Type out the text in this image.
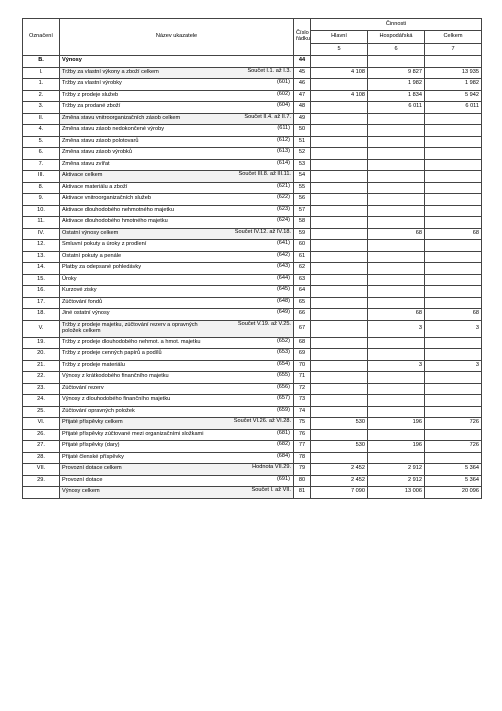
Označení	Název ukazatele	Číslo řádku	Činnosti		
			Hlavní	Hospodářská	Celkem
			5	6	7
B.	Výnosy	44			
I.	Tržby za vlastní výkony a zboží celkem Součet I.1. až I.3.	45	4 108	9 827	13 935
1.	Tržby za vlastní výrobky (601)	46		1 982	1 982
2.	Tržby z prodeje služeb (602)	47	4 108	1 834	5 942
3.	Tržby za prodané zboží (604)	48		6 011	6 011
II.	Změna stavu vnitroorganizačních zásob celkem Součet II.4. až II.7.	49			
4.	Změna stavu zásob nedokončené výroby (611)	50			
5.	Změna stavu zásob polotovarů (612)	51			
6.	Změna stavu zásob výrobků (613)	52			
7.	Změna stavu zvířat (614)	53			
III.	Aktivace celkem Součet III.8. až III.11.	54			
8.	Aktivace materiálu a zboží (621)	55			
9.	Aktivace vnitroorganizačních služeb (622)	56			
10.	Aktivace dlouhodobého nehmotného majetku (623)	57			
11.	Aktivace dlouhodobého hmotného majetku (624)	58			
IV.	Ostatní výnosy celkem Součet IV.12. až IV.18.	59		68	68
12.	Smluvní pokuty a úroky z prodlení (641)	60			
13.	Ostatní pokuty a penále (642)	61			
14.	Platby za odepsané pohledávky (643)	62			
15.	Úroky (644)	63			
16.	Kurzové zisky (645)	64			
17.	Zúčtování fondů (648)	65			
18.	Jiné ostatní výnosy (649)	66		68	68
V.	Tržby z prodeje majetku, zúčtování rezerv a opravných položek celkem
Součet V.19. až V.25.	67		3	3
19.	Tržby z prodeje dlouhodobého nehmot. a hmot. majetku (652)	68			
20.	Tržby z prodeje cenných papírů a podílů (653)	69			
21.	Tržby z prodeje materiálu (654)	70		3	3
22.	Výnosy z krátkodobého finančního majetku (655)	71			
23.	Zúčtování rezerv (656)	72			
24.	Výnosy z dlouhodobého finančního majetku (657)	73			
25.	Zúčtování opravných položek (659)	74			
VI.	Přijaté příspěvky celkem Součet VI.26. až VI.28.	75	530	196	726
26.	Přijaté příspěvky zúčtované mezi organizačními složkami (681)	76			
27.	Přijaté příspěvky (dary) (682)	77	530	196	726
28.	Přijaté členské příspěvky (684)	78			
VII.	Provozní dotace celkem Hodnota VII.29.	79	2 452	2 912	5 364
29.	Provozní dotace (691)	80	2 452	2 912	5 364
	Výnosy celkem Součet I. až VII.	81	7 090	13 006	20 096
